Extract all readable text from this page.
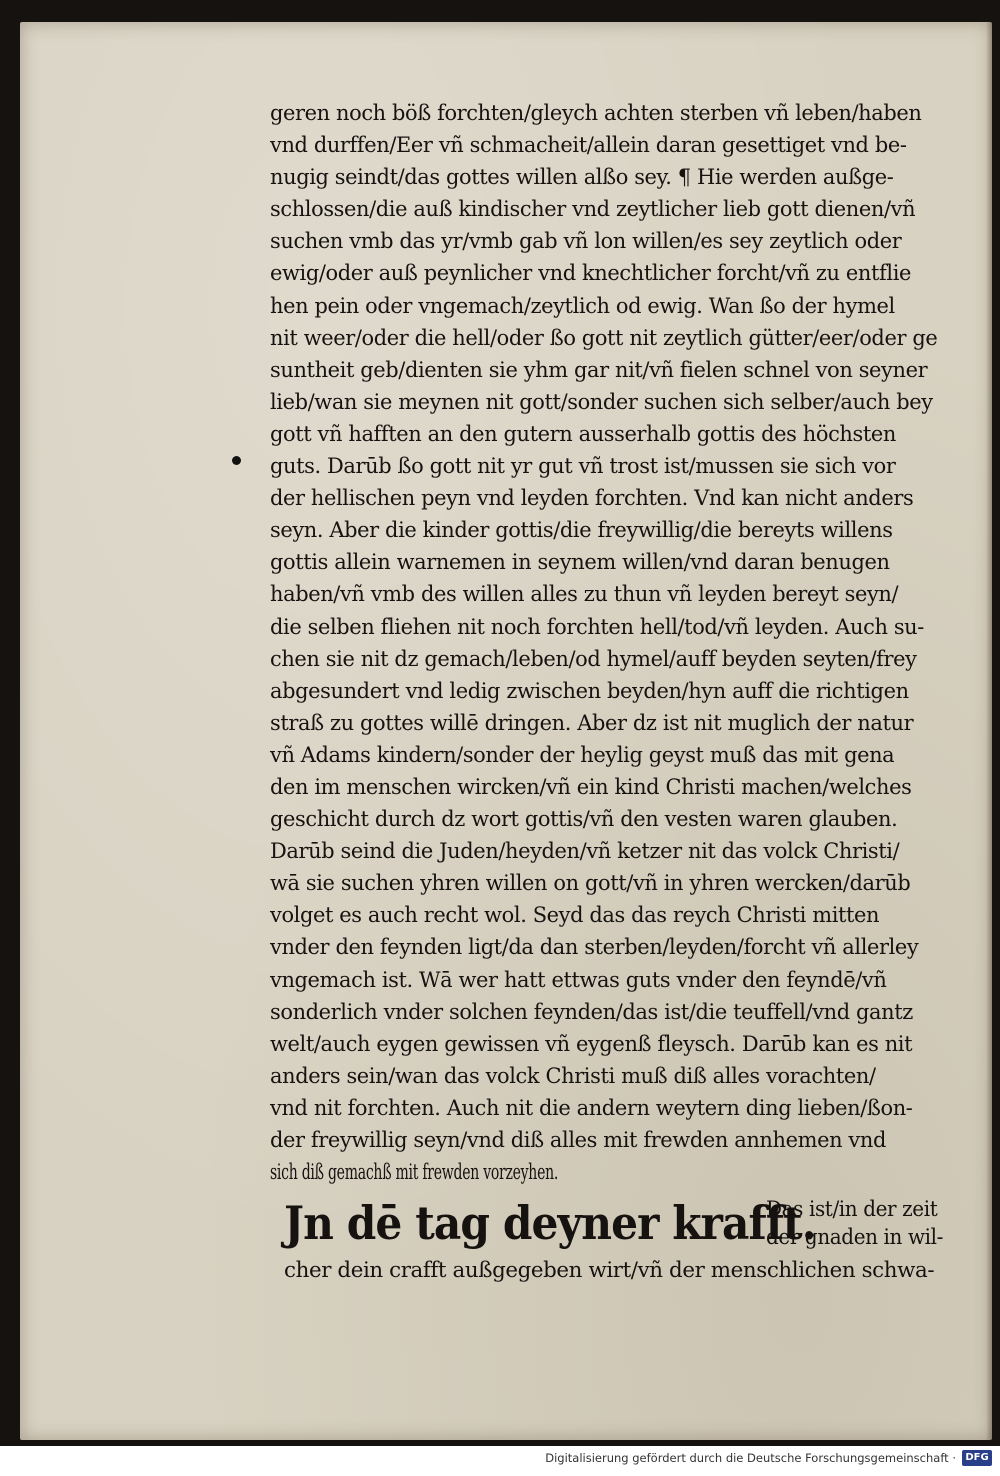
geren noch böß forchten/gleych achten sterben vñ leben/haben
vnd durffen/Eer vñ schmacheit/allein daran gesettiget vnd be-
nugig seindt/das gottes willen alßo sey. ¶ Hie werden außge-
schlossen/die auß kindischer vnd zeytlicher lieb gott dienen/vñ
suchen vmb das yr/vmb gab vñ lon willen/es sey zeytlich oder
ewig/oder auß peynlicher vnd knechtlicher forcht/vñ zu entflie
hen pein oder vngemach/zeytlich od ewig. Wan ßo der hymel
nit weer/oder die hell/oder ßo gott nit zeytlich gütter/eer/oder ge
suntheit geb/dienten sie yhm gar nit/vñ fielen schnel von seyner
lieb/wan sie meynen nit gott/sonder suchen sich selber/auch bey
gott vñ hafften an den gutern ausserhalb gottis des höchsten
guts. Darūb ßo gott nit yr gut vñ trost ist/mussen sie sich vor
der hellischen peyn vnd leyden forchten. Vnd kan nicht anders
seyn. Aber die kinder gottis/die freywillig/die bereyts willens
gottis allein warnemen in seynem willen/vnd daran benugen
haben/vñ vmb des willen alles zu thun vñ leyden bereyt seyn/
die selben fliehen nit noch forchten hell/tod/vñ leyden. Auch su-
chen sie nit dz gemach/leben/od hymel/auff beyden seyten/frey
abgesundert vnd ledig zwischen beyden/hyn auff die richtigen
straß zu gottes willē dringen. Aber dz ist nit muglich der natur
vñ Adams kindern/sonder der heylig geyst muß das mit gena
den im menschen wircken/vñ ein kind Christi machen/welches
geschicht durch dz wort gottis/vñ den vesten waren glauben.
Darūb seind die Juden/heyden/vñ ketzer nit das volck Christi/
wā sie suchen yhren willen on gott/vñ in yhren wercken/darūb
volget es auch recht wol. Seyd das das reych Christi mitten
vnder den feynden ligt/da dan sterben/leyden/forcht vñ allerley
vngemach ist. Wā wer hatt ettwas guts vnder den feyndē/vñ
sonderlich vnder solchen feynden/das ist/die teuffell/vnd gantz
welt/auch eygen gewissen vñ eygenß fleysch. Darūb kan es nit
anders sein/wan das volck Christi muß diß alles vorachten/
vnd nit forchten. Auch nit die andern weytern ding lieben/ßon-
der freywillig seyn/vnd diß alles mit frewden annhemen vnd
sich diß gemachß mit frewden vorzeyhen.
Jn dē tag deyner krafft.
Das ist/in der zeit
der gnaden in wil-
cher dein crafft außgegeben wirt/vñ der menschlichen schwa-
Digitalisierung gefördert durch die Deutsche Forschungsgemeinschaft · DFG
